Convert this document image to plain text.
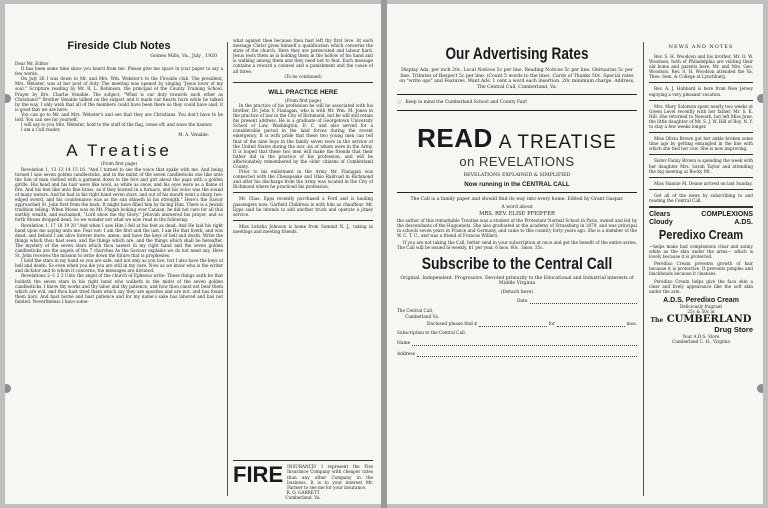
Fireside Club Notes
Goines Mills, Va., July , 1920

Dear Mr. Editor

It has been some time since you heard from me. Please give me space in your paper to say a few words.

On July 26 I was down to Mr. and Mrs. Wm. Webster's to the Fireside club. The president, Mrs. Webster, was at her post of duty. The meeting was opened by singing "Jesus lover of my soul." Scripture reading by Mr. R. L. Robinson, the principal of the County Training School. Prayer by Bro. Charlie Venable. The subject, "What is our duty towards each other as Christians?" Brother Venable talked on the subject and it made our hearts burn while he talked by the way. I only wish that all of the members could have been there so they could have said, it is good that we are here.

You can go to Mr. and Mrs. Webster's and see that they are Christians. You don't have to be told. You can see for yourself.

I will say to you Mrs. Webster, hold to the staff of the flag, cease off, and wave the banner.

I am a Cull reader,

M. A. Venable.

A Treatise

(From first page)

Revelation 1, 13 13 14 15 16. "And I turned to see the voice that spake with me. And being turned I saw seven golden candlesticks, and in the midst of the seven candlesticks one like unto the Son of man clothed with a garment down to the foot and girt about the paps with a golden girdle. His head and his hair were like wool, as white as snow, and his eyes were as a flame of fire. And his feet like unto fine brass, as if they burned in a furnace, and his voice was the sound of many waters. And he had in his right hand seven stars, and out of his mouth went a sharp two-edged sword, and his countenance was as the sun shineth in his strength." Here's the Savior approached St. John first from the back. It might have filled him by facing Him. There is a Jewish tradition telling: When Moses was on Mt. Pisgah looking over Canaan, he did not care for all this earthly wealth, and exclaimed, "Lord show me thy Glory." Jehovah answered his prayer, and so forth Moses dropped dead. So we wonder not what we now read in the following:

Revelation 1, 17 18 19 20 "And when I saw Him I fell at his feet as dead. And He laid his right hand upon me saying unto me: Fear not: I am the first and the last, I am He that liveth, and was dead; and behold I am alive forever more, amen; and have the keys of hell and death. Write the things which thou hast seen, and the things which are, and the things which shall be hereafter. The mystery of the seven stars which thou sawest in my right hand and the seven golden candlesticks are the angels of the 7 churches As the Saviour explains we do not need any. Here St. John receives the mission to write down the future that is prophesies.

I hold the stars in my hand so you are safe, and not only as you live, but I also have the keys of hell and death. So even when you die you are still in my care. Now as we know who is the writer and dictator and to whom it concerns, the messages are dictated.

Revelations 2--1 2 3 Unto the angel of the church of Ephesus write: These things saith he that holdeth the seven stars in his right hand who walketh in the midst of the seven golden candlesticks. I know thy works and thy labor and thy patience, and how thou canst not bear them which are evil, and thou hast tried them which say they are apostles and are not, and has found them liars. And hast borne and hast patience and for my name's sake has labored and has not fainted. Nevertheless I have some-

what against thee because thou hast left thy first love. At each message Christ gives himself a qualification which concerns the state of the church. Here they are persecuted and labour hard. Jesus tests them as is holding them in the hollow of his hand and is walking among them and they need not to fear. Each message contains a reward a counsel and a punishment and the cause of all three.

(To be continued)

WILL PRACTICE HERE

(From first page)

In the practice of his profession he will be associated with his brother, Dr. John V. Flanagan, who is with Mr. Wm. M. Jones in the practice of law in the City of Richmond, but he will still retain his present address. He is a graduate of Georgetown University School of Law, Washington, D. C. and also served for a considerable period in the land forces during the recent emergency. It is with pride that these two young men can tell that of the nine boys in the family seven were in the service of the United States during the war, six of whom were in the Army. It is hoped that these two men will make the friends that their father did in the practice of his profession, and will be affectionately remembered by the older citizens of Cumberland County.

Prior to his enlistment in the Army Mr. Flanagan was connected with the Chesapeake and Ohio Railroad in Richmond and after his discharge from the Army was located in the City of Richmond where he practiced his profession.

Mr. Chas. Epps recently purchased a Ford and is hauling passengers now. Garfield Childress is with him as chauffeur. Mr. Epps said he intends to add another truck and operate a jitney service.

Miss Letisha Johnson is home from Summit N. J., taking in meetings and meeting friends.

FIRE INSURANCE! I represent the Fire Insurance Company with cheaper rates than any other Company in the business. It is to your interest Mr. Farmer to see me for your insurance.

R. O. GARRETT

Cumberland, Va.

Our Advertising Rates

Display Ads. per inch 20c. Local Notices 5c per line. Reading Notices 5c per line. Obituaries 5c per line. Tributes of Respect 5c per line. (Count 5 words to the line). Cards of Thanks 50c. Special rates on "write ups" and Features. Want Ads. 1 cent a word each insertion. 20c minimum charge. Address, The Central Cull, Cumberland, Va.

☞ Keep in mind the Cumberland School and County Fair!
READ A TREATISE
on REVELATIONS

REVELATIONS EXPLAINED & SIMPLIFIED

Now running in the CENTRAL CALL

The Call is a family paper and should find its way into every home. Edited by Grant Gaspar.

A word about

MRS. REV. ELISE PFEIFFER

the author of this remarkable Treatise was a student of the Protestant Normal School in Paris, owned and led by the descendants of the Huguenots. She also graduated at the academy of Strassburg in 1879, and was principal in schools seven years in France and Germany, and came to this country forty years ago. She is a member of the W. C. T. U., and was a friend of Frances Willard.

If you are not taking the Call, better send in your subscription at once and get the benefit of the entire series. The Call will be issued bi-weekly. $1 per year. 6 mos. 60c. 3mos. 35c.

Subscribe to the Central Call

Original. Independent. Progressive. Devoted primarily to the Educational and Industrial interests of Middle Virginia

(Detach here)
Date

The Central Call,

Cumberland Va.

Enclosed please find $	for	mos.

Subscription to the Central Call.

Name
Address
NEWS AND NOTES

Rev. S. H. Woodson and his brother, Mr. O. W. Woodson, both of Philadelphia are visiting their old home and parents here, Mr. and Mrs. Geo. Woodson. Rev. S. H. Woodson attended the Va. Theo. Sem. & College at Lynchburg.

Rev. A. J. Hubbard is here from New Jersey enjoying a very pleasant vacation.

Mrs. Mary Solomon spent nearly two weeks at Green Level recently with her father, Mr. S. K. Hill. She returned to Newark, but left Miss June, the little daughter of Mr. S. J. W. Hill of Roy, N. Y. to stay a few weeks longer.

Miss Olivia Brown got her ankle broken some time ago by getting entangled in the line with which she tied her cow. She is now improving.

Sister Fanny Brown is spending the week with her daughter Mrs. Sarah Taylor and attending the big meeting at Rocky Mt.

Miss Nannie M. Deane arrived on last Sunday.

Get all of the news by subscribing to and reading the Central Call.

Clears
Cloudy
COMPLEXIONS
A.DS.
Peredixo Cream

—helps make bad complexions clear and satiny white as the skin under the arms— which is lovely because it is protected.

Peredixo Cream prevents growth of hair because it is protective. It prevents pimples and blackheads because it cleanses.

Peredixo Cream helps give the face skin a clear and lively appearance like the soft skin under the arm.

A.D.S. Peredixo Cream

Deliciously fragrant

25c & 50c at

The CUMBERLAND
Drug Store

Your A.D.S. Store

Cumberland C. H., Virginia
